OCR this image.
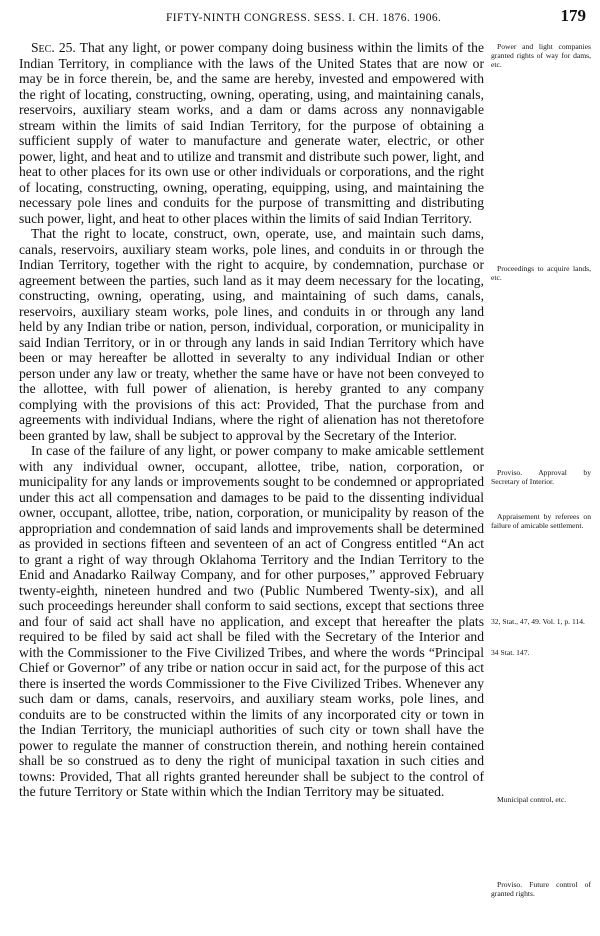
FIFTY-NINTH CONGRESS. SESS. I. CH. 1876. 1906.	179

Sec. 25. That any light, or power company doing business within the limits of the Indian Territory, in compliance with the laws of the United States that are now or may be in force therein, be, and the same are hereby, invested and empowered with the right of locating, constructing, owning, operating, using, and maintaining canals, reservoirs, auxiliary steam works, and a dam or dams across any nonnavigable stream within the limits of said Indian Territory, for the purpose of obtaining a sufficient supply of water to manufacture and generate water, electric, or other power, light, and heat and to utilize and transmit and distribute such power, light, and heat to other places for its own use or other individuals or corporations, and the right of locating, constructing, owning, operating, equipping, using, and maintaining the necessary pole lines and conduits for the purpose of transmitting and distributing such power, light, and heat to other places within the limits of said Indian Territory.

That the right to locate, construct, own, operate, use, and maintain such dams, canals, reservoirs, auxiliary steam works, pole lines, and conduits in or through the Indian Territory, together with the right to acquire, by condemnation, purchase or agreement between the parties, such land as it may deem necessary for the locating, constructing, owning, operating, using, and maintaining of such dams, canals, reservoirs, auxiliary steam works, pole lines, and conduits in or through any land held by any Indian tribe or nation, person, individual, corporation, or municipality in said Indian Territory, or in or through any lands in said Indian Territory which have been or may hereafter be allotted in severalty to any individual Indian or other person under any law or treaty, whether the same have or have not been conveyed to the allottee, with full power of alienation, is hereby granted to any company complying with the provisions of this act: Provided, That the purchase from and agreements with individual Indians, where the right of alienation has not theretofore been granted by law, shall be subject to approval by the Secretary of the Interior.

In case of the failure of any light, or power company to make amicable settlement with any individual owner, occupant, allottee, tribe, nation, corporation, or municipality for any lands or improvements sought to be condemned or appropriated under this act all compensation and damages to be paid to the dissenting individual owner, occupant, allottee, tribe, nation, corporation, or municipality by reason of the appropriation and condemnation of said lands and improvements shall be determined as provided in sections fifteen and seventeen of an act of Congress entitled “An act to grant a right of way through Oklahoma Territory and the Indian Territory to the Enid and Anadarko Railway Company, and for other purposes,” approved February twenty-eighth, nineteen hundred and two (Public Numbered Twenty-six), and all such proceedings hereunder shall conform to said sections, except that sections three and four of said act shall have no application, and except that hereafter the plats required to be filed by said act shall be filed with the Secretary of the Interior and with the Commissioner to the Five Civilized Tribes, and where the words “Principal Chief or Governor” of any tribe or nation occur in said act, for the purpose of this act there is inserted the words Commissioner to the Five Civilized Tribes. Whenever any such dam or dams, canals, reservoirs, and auxiliary steam works, pole lines, and conduits are to be constructed within the limits of any incorporated city or town in the Indian Territory, the municiapl authorities of such city or town shall have the power to regulate the manner of construction therein, and nothing herein contained shall be so construed as to deny the right of municipal taxation in such cities and towns: Provided, That all rights granted hereunder shall be subject to the control of the future Territory or State within which the Indian Territory may be situated.

Power and light companies granted rights of way for dams, etc.
Proceedings to acquire lands, etc.
Proviso. Approval by Secretary of Interior.
Appraisement by referees on failure of amicable settlement.
32, Stat., 47, 49. Vol. 1, p. 114.
34 Stat. 147.
Municipal control, etc.
Proviso. Future control of granted rights.
